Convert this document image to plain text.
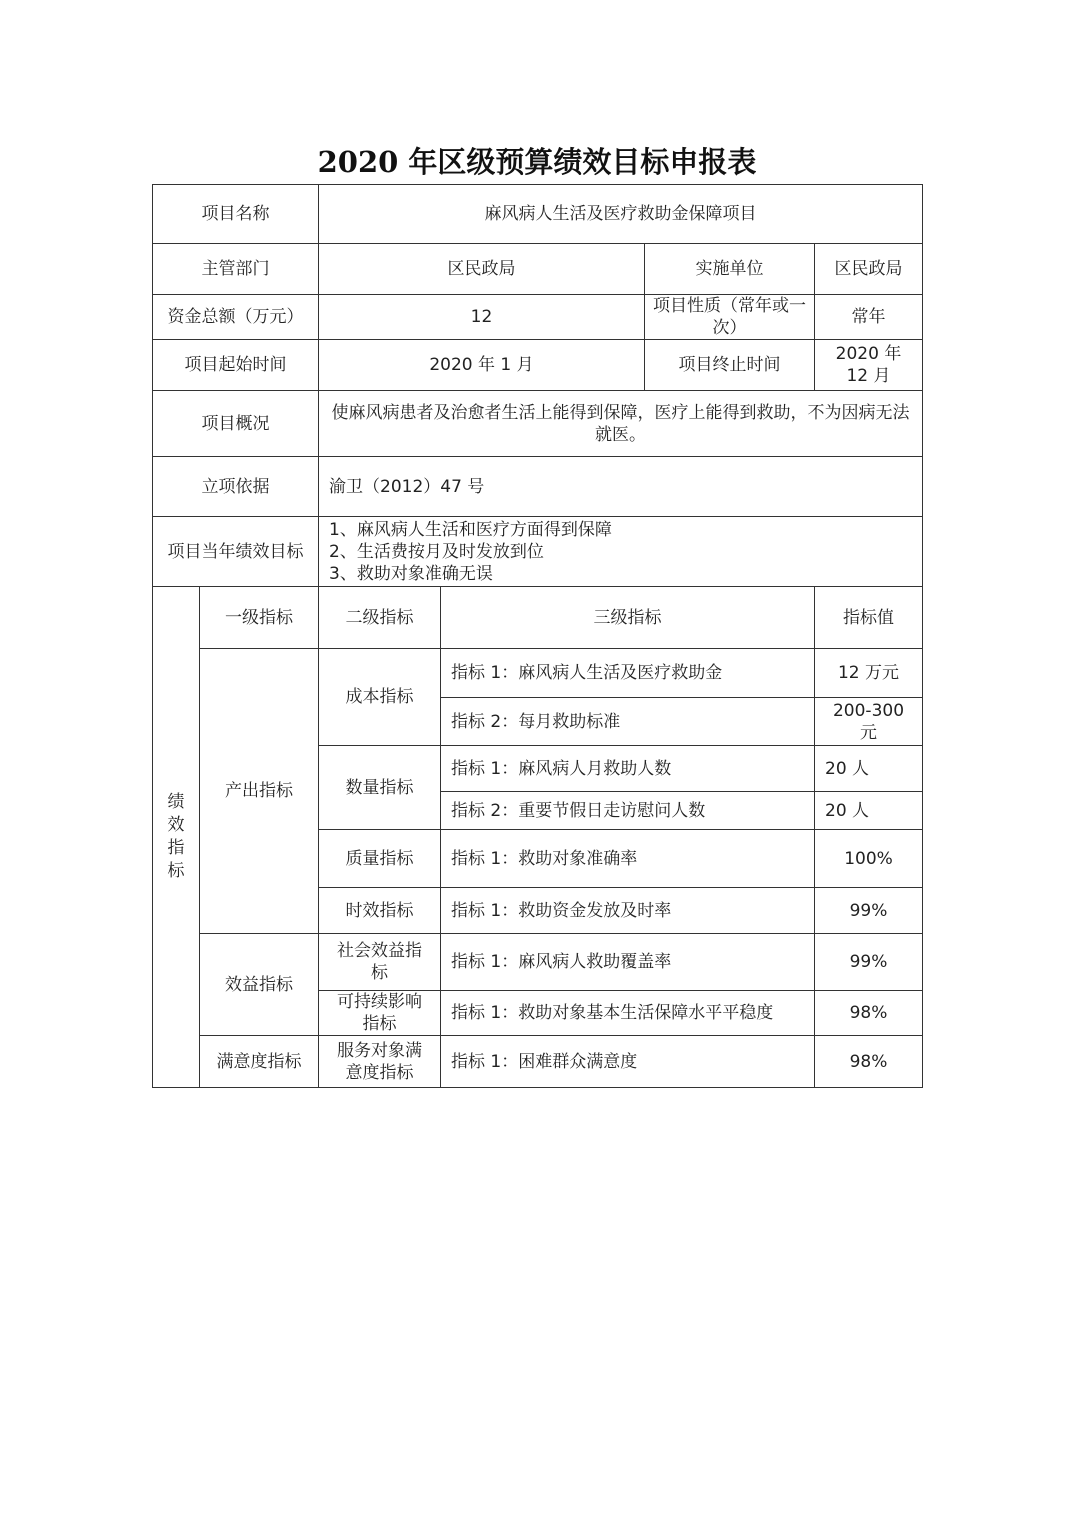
2020 年区级预算绩效目标申报表
项目名称		麻风病人生活及医疗救助金保障项目			
主管部门		区民政局		实施单位	区民政局
资金总额（万元）		12		项目性质（常年或一次）	常年
项目起始时间		2020 年 1 月		项目终止时间	2020 年 12 月
项目概况		使麻风病患者及治愈者生活上能得到保障，医疗上能得到救助，不为因病无法就医。			
立项依据		渝卫（2012）47 号			
项目当年绩效目标		1、麻风病人生活和医疗方面得到保障
2、生活费按月及时发放到位
3、救助对象准确无误			

绩效指标	一级指标	二级指标	三级指标		指标值
	产出指标	成本指标	指标 1：麻风病人生活及医疗救助金		12 万元
			指标 2：每月救助标准		200-300 元
		数量指标	指标 1：麻风病人月救助人数		20 人
			指标 2：重要节假日走访慰问人数		20 人
		质量指标	指标 1：救助对象准确率		100%
		时效指标	指标 1：救助资金发放及时率		99%
	效益指标	社会效益指标	指标 1：麻风病人救助覆盖率		99%

		可持续影响指标	指标 1：救助对象基本生活保障水平平稳度		98%
	满意度指标	服务对象满意度指标	指标 1：困难群众满意度		98%
